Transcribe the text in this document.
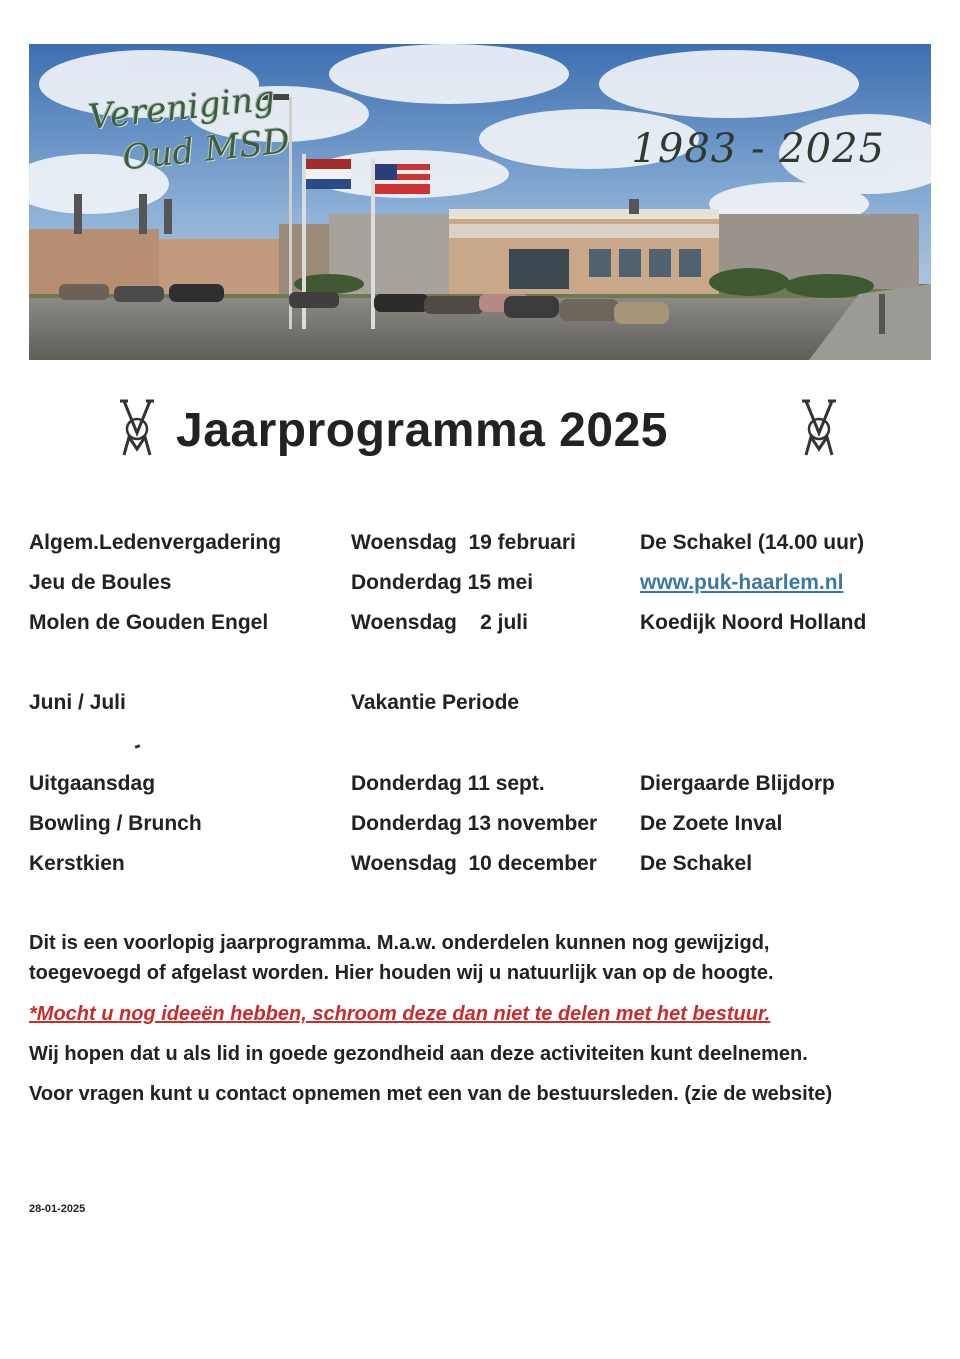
Vereniging
Oud MSD	1983 - 2025
Jaarprogramma 2025
Algem.Ledenvergadering	Woensdag  19 februari	De Schakel (14.00 uur)
Jeu de Boules	Donderdag 15 mei	www.puk-haarlem.nl
Molen de Gouden Engel	Woensdag    2 juli	Koedijk Noord Holland
Juni / Juli	Vakantie Periode
Uitgaansdag	Donderdag 11 sept.	Diergaarde Blijdorp
Bowling / Brunch	Donderdag 13 november De Zoete Inval
Kerstkien	Woensdag  10 december De Schakel
Dit is een voorlopig jaarprogramma. M.a.w. onderdelen kunnen nog gewijzigd,
toegevoegd of afgelast worden. Hier houden wij u natuurlijk van op de hoogte.
*Mocht u nog ideeën hebben, schroom deze dan niet te delen met het bestuur.
Wij hopen dat u als lid in goede gezondheid aan deze activiteiten kunt deelnemen.
Voor vragen kunt u contact opnemen met een van de bestuursleden. (zie de website)
28-01-2025
